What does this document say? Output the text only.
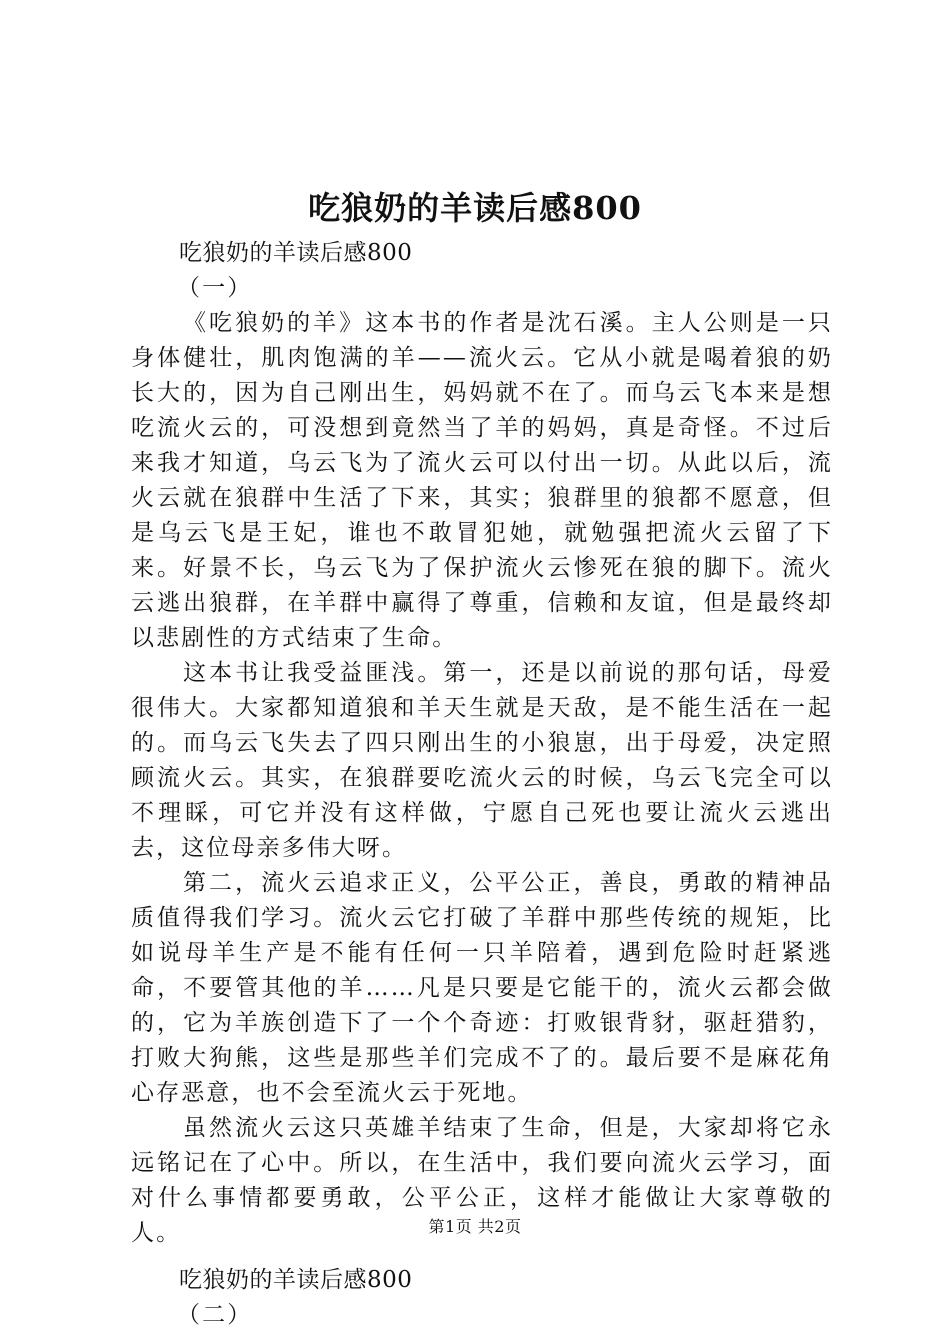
吃狼奶的羊读后感800
吃狼奶的羊读后感800
（一）

《吃狼奶的羊》这本书的作者是沈石溪。主人公则是一只身体健壮，肌肉饱满的羊——流火云。它从小就是喝着狼的奶长大的，因为自己刚出生，妈妈就不在了。而乌云飞本来是想吃流火云的，可没想到竟然当了羊的妈妈，真是奇怪。不过后来我才知道，乌云飞为了流火云可以付出一切。从此以后，流火云就在狼群中生活了下来，其实；狼群里的狼都不愿意，但是乌云飞是王妃，谁也不敢冒犯她，就勉强把流火云留了下来。好景不长，乌云飞为了保护流火云惨死在狼的脚下。流火云逃出狼群，在羊群中赢得了尊重，信赖和友谊，但是最终却以悲剧性的方式结束了生命。

这本书让我受益匪浅。第一，还是以前说的那句话，母爱很伟大。大家都知道狼和羊天生就是天敌，是不能生活在一起的。而乌云飞失去了四只刚出生的小狼崽，出于母爱，决定照顾流火云。其实，在狼群要吃流火云的时候，乌云飞完全可以不理睬，可它并没有这样做，宁愿自己死也要让流火云逃出去，这位母亲多伟大呀。

第二，流火云追求正义，公平公正，善良，勇敢的精神品质值得我们学习。流火云它打破了羊群中那些传统的规矩，比如说母羊生产是不能有任何一只羊陪着，遇到危险时赶紧逃命，不要管其他的羊……凡是只要是它能干的，流火云都会做的，它为羊族创造下了一个个奇迹：打败银背豺，驱赶猎豹，打败大狗熊，这些是那些羊们完成不了的。最后要不是麻花角心存恶意，也不会至流火云于死地。

虽然流火云这只英雄羊结束了生命，但是，大家却将它永远铭记在了心中。所以，在生活中，我们要向流火云学习，面对什么事情都要勇敢，公平公正，这样才能做让大家尊敬的人。

吃狼奶的羊读后感800
（二）
第1页 共2页
